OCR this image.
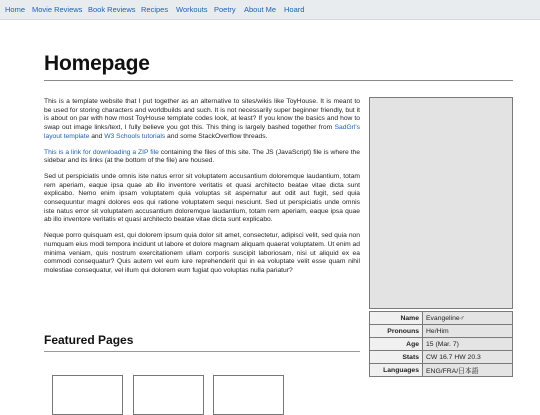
Home Movie Reviews Book Reviews Recipes Workouts Poetry About Me Hoard
Homepage

This is a template website that I put together as an alternative to sites/wikis like ToyHouse. It is meant to be used for storing characters and worldbuilds and such. It is not necessarily super beginner friendly, but it is about on par with how most ToyHouse template codes look, at least? If you know the basics and how to swap out image links/text, I fully believe you got this. This thing is largely bashed together from SadGrl's layout template and W3 Schools tutorials and some StackOverflow threads.

This is a link for downloading a ZIP file containing the files of this site. The JS (JavaScript) file is where the sidebar and its links (at the bottom of the file) are housed.

Sed ut perspiciatis unde omnis iste natus error sit voluptatem accusantium doloremque laudantium, totam rem aperiam, eaque ipsa quae ab illo inventore veritatis et quasi architecto beatae vitae dicta sunt explicabo. Nemo enim ipsam voluptatem quia voluptas sit aspernatur aut odit aut fugit, sed quia consequuntur magni dolores eos qui ratione voluptatem sequi nesciunt. Sed ut perspiciatis unde omnis iste natus error sit voluptatem accusantium doloremque laudantium, totam rem aperiam, eaque ipsa quae ab illo inventore veritatis et quasi architecto beatae vitae dicta sunt explicabo.

Neque porro quisquam est, qui dolorem ipsum quia dolor sit amet, consectetur, adipisci velit, sed quia non numquam eius modi tempora incidunt ut labore et dolore magnam aliquam quaerat voluptatem. Ut enim ad minima veniam, quis nostrum exercitationem ullam corporis suscipit laboriosam, nisi ut aliquid ex ea commodi consequatur? Quis autem vel eum iure reprehenderit qui in ea voluptate velit esse quam nihil molestiae consequatur, vel illum qui dolorem eum fugiat quo voluptas nulla pariatur?

Featured Pages
Name	Evangeline♂
Pronouns	He/Him
Age	15 (Mar. 7)
Stats	CW 16.7 HW 20.3
Languages	ENG/FRA/日本語
